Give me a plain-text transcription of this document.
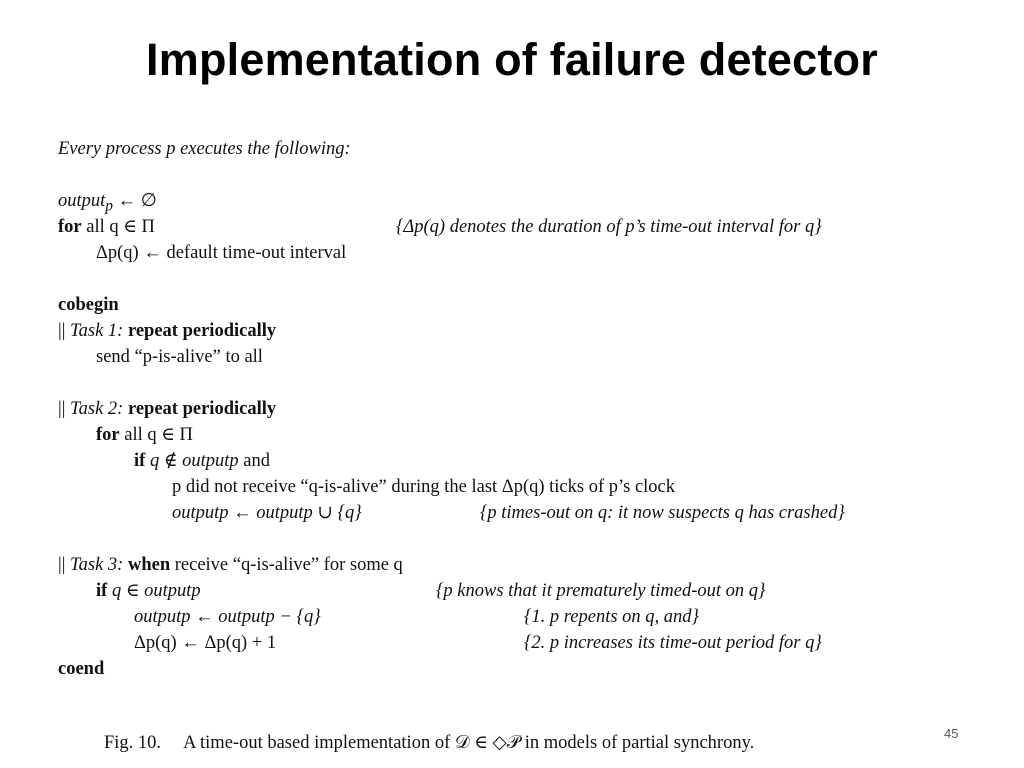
Implementation of failure detector
Every process p executes the following:
output$_p$ ← ∅
for all q ∈ Π	{Δp(q) denotes the duration of p’s time-out interval for q}
Δp(q) ← default time-out interval
cobegin
|| Task 1: repeat periodically
send “p-is-alive” to all
|| Task 2: repeat periodically
for all q ∈ Π
if q ∉ outputp and
p did not receive “q-is-alive” during the last Δp(q) ticks of p’s clock
outputp ← outputp ∪ {q}	{p times-out on q: it now suspects q has crashed}
|| Task 3: when receive “q-is-alive” for some q
if q ∈ outputp	{p knows that it prematurely timed-out on q}
outputp ← outputp − {q}	{1. p repents on q, and}
Δp(q) ← Δp(q) + 1	{2. p increases its time-out period for q}
coend
Fig. 10. A time-out based implementation of 𝒟 ∈ ◇𝒫 in models of partial synchrony.	45
